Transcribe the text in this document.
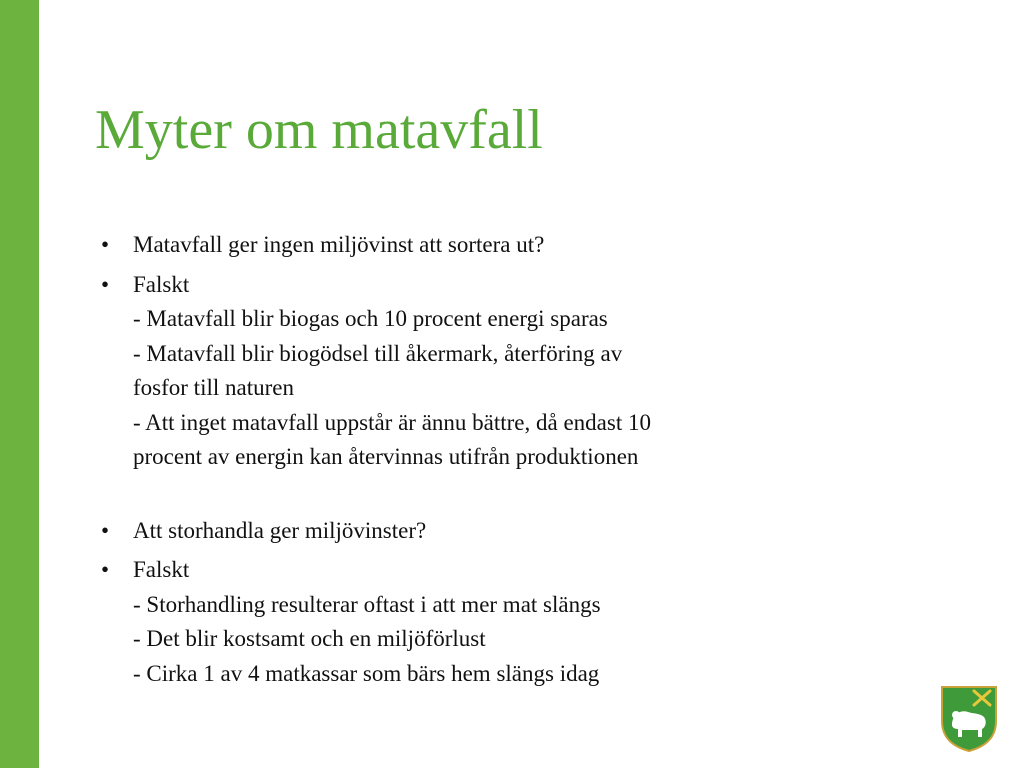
Myter om matavfall
• Matavfall ger ingen miljövinst att sortera ut?
• Falskt
- Matavfall blir biogas och 10 procent energi sparas
- Matavfall blir biogödsel till åkermark, återföring av
fosfor till naturen
- Att inget matavfall uppstår är ännu bättre, då endast 10
procent av energin kan återvinnas utifrån produktionen
• Att storhandla ger miljövinster?
• Falskt
- Storhandling resulterar oftast i att mer mat slängs
- Det blir kostsamt och en miljöförlust
- Cirka 1 av 4 matkassar som bärs hem slängs idag
